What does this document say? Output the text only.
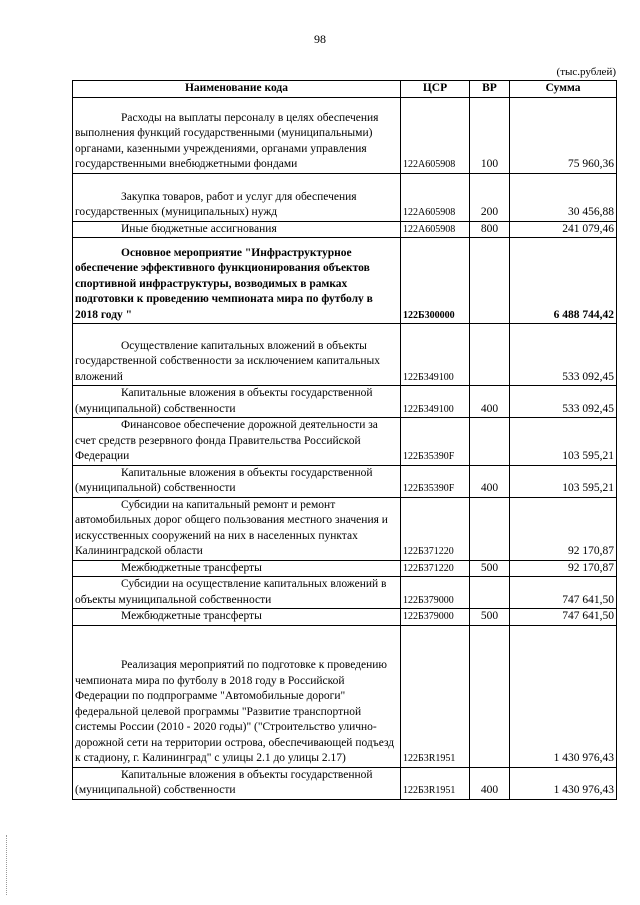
98
(тыс.рублей)
Наименование кода	ЦСР	ВР	Сумма
Расходы на выплаты персоналу в целях обеспечения выполнения функций государственными (муниципальными) органами, казенными учреждениями, органами управления государственными внебюджетными фондами	122А605908	100	75 960,36
Закупка товаров, работ и услуг для обеспечения государственных (муниципальных) нужд	122А605908	200	30 456,88
Иные бюджетные ассигнования	122А605908	800	241 079,46
Основное мероприятие "Инфраструктурное обеспечение эффективного функционирования объектов спортивной инфраструктуры, возводимых в рамках подготовки к проведению чемпионата мира по футболу в 2018 году "	122Б300000		6 488 744,42
Осуществление капитальных вложений в объекты государственной собственности за исключением капитальных вложений	122Б349100		533 092,45
Капитальные вложения в объекты государственной (муниципальной) собственности	122Б349100	400	533 092,45
Финансовое обеспечение дорожной деятельности за счет средств резервного фонда Правительства Российской Федерации	122Б35390F		103 595,21
Капитальные вложения в объекты государственной (муниципальной) собственности	122Б35390F	400	103 595,21
Субсидии на капитальный ремонт и ремонт автомобильных дорог общего пользования местного значения и искусственных сооружений на них в населенных пунктах Калининградской области	122Б371220		92 170,87
Межбюджетные трансферты	122Б371220	500	92 170,87
Субсидии на осуществление капитальных вложений в объекты муниципальной собственности	122Б379000		747 641,50
Межбюджетные трансферты	122Б379000	500	747 641,50
Реализация мероприятий по подготовке к проведению чемпионата мира по футболу в 2018 году в Российской Федерации по подпрограмме "Автомобильные дороги" федеральной целевой программы "Развитие транспортной системы России (2010 - 2020 годы)" ("Строительство улично-дорожной сети на территории острова, обеспечивающей подъезд к стадиону, г. Калининград" с улицы 2.1 до улицы 2.17)	122Б3R1951		1 430 976,43
Капитальные вложения в объекты государственной (муниципальной) собственности	122Б3R1951	400	1 430 976,43
